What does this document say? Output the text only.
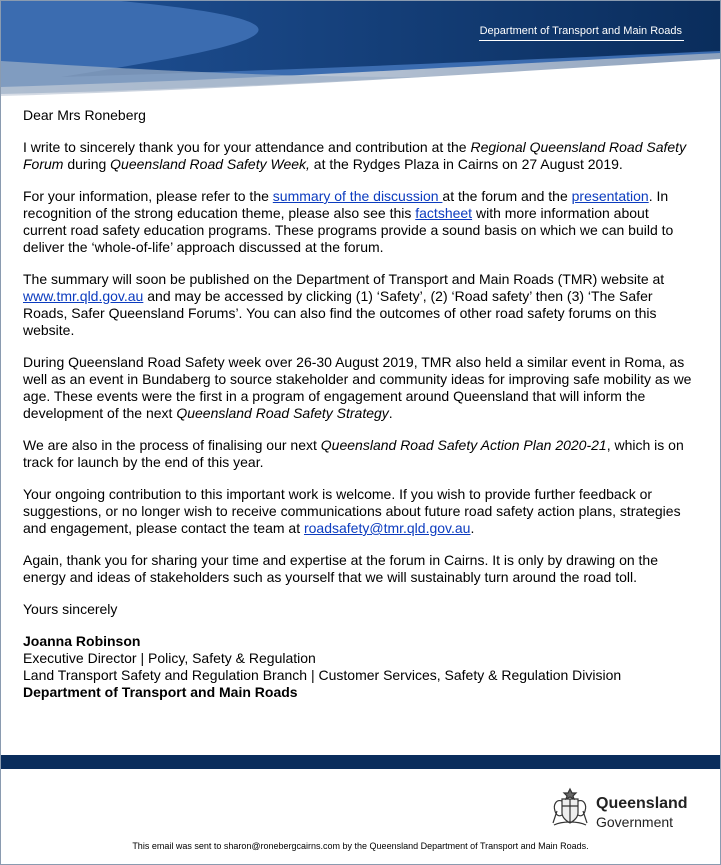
Department of Transport and Main Roads

Dear Mrs Roneberg

I write to sincerely thank you for your attendance and contribution at the Regional Queensland Road Safety Forum during Queensland Road Safety Week, at the Rydges Plaza in Cairns on 27 August 2019.

For your information, please refer to the summary of the discussion at the forum and the presentation. In recognition of the strong education theme, please also see this factsheet with more information about current road safety education programs. These programs provide a sound basis on which we can build to deliver the ‘whole-of-life’ approach discussed at the forum.

The summary will soon be published on the Department of Transport and Main Roads (TMR) website at www.tmr.qld.gov.au and may be accessed by clicking (1) ‘Safety’, (2) ‘Road safety’ then (3) ‘The Safer Roads, Safer Queensland Forums’. You can also find the outcomes of other road safety forums on this website.

During Queensland Road Safety week over 26-30 August 2019, TMR also held a similar event in Roma, as well as an event in Bundaberg to source stakeholder and community ideas for improving safe mobility as we age. These events were the first in a program of engagement around Queensland that will inform the development of the next Queensland Road Safety Strategy.

We are also in the process of finalising our next Queensland Road Safety Action Plan 2020-21, which is on track for launch by the end of this year.

Your ongoing contribution to this important work is welcome. If you wish to provide further feedback or suggestions, or no longer wish to receive communications about future road safety action plans, strategies and engagement, please contact the team at roadsafety@tmr.qld.gov.au.

Again, thank you for sharing your time and expertise at the forum in Cairns. It is only by drawing on the energy and ideas of stakeholders such as yourself that we will sustainably turn around the road toll.

Yours sincerely

Joanna Robinson
Executive Director | Policy, Safety & Regulation
Land Transport Safety and Regulation Branch | Customer Services, Safety & Regulation Division
Department of Transport and Main Roads
Queensland
Government
This email was sent to sharon@ronebergcairns.com by the Queensland Department of Transport and Main Roads.
